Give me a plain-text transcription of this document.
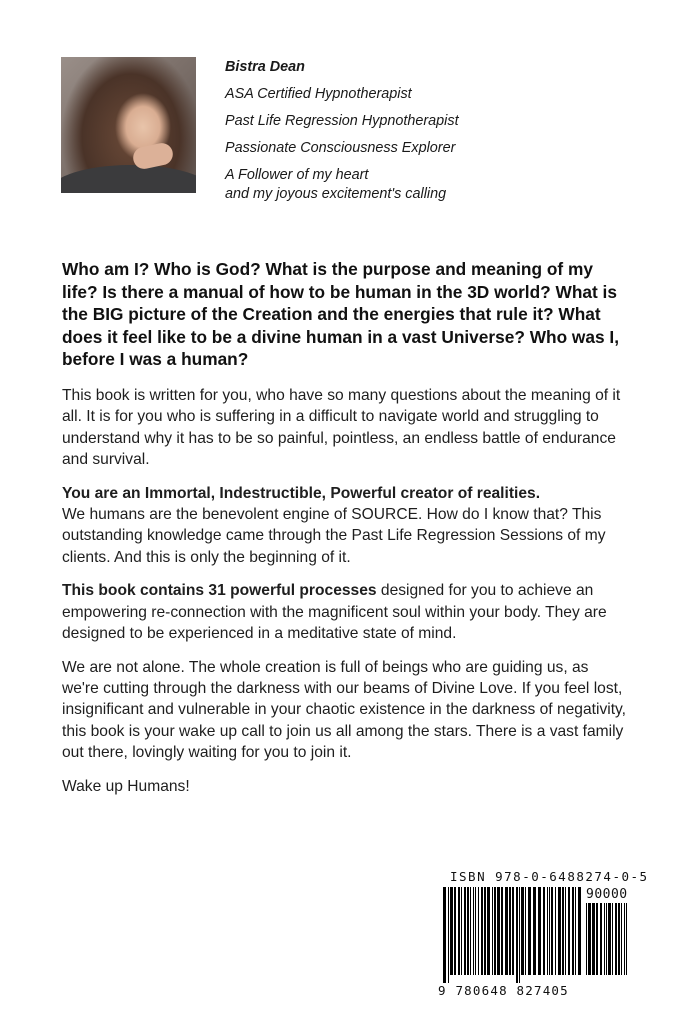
Bistra Dean
ASA Certified Hypnotherapist
Past Life Regression Hypnotherapist
Passionate Consciousness Explorer
A Follower of my heart
and my joyous excitement's calling

Who am I? Who is God? What is the purpose and meaning of my life? Is there a manual of how to be human in the 3D world? What is the BIG picture of the Creation and the energies that rule it? What does it feel like to be a divine human in a vast Universe? Who was I, before I was a human?

This book is written for you, who have so many questions about the meaning of it all. It is for you who is suffering in a difficult to navigate world and struggling to understand why it has to be so painful, pointless, an endless battle of endurance and survival.

You are an Immortal, Indestructible, Powerful creator of realities.
We humans are the benevolent engine of SOURCE. How do I know that? This outstanding knowledge came through the Past Life Regression Sessions of my clients. And this is only the beginning of it.

This book contains 31 powerful processes designed for you to achieve an empowering re-connection with the magnificent soul within your body. They are designed to be experienced in a meditative state of mind.

We are not alone. The whole creation is full of beings who are guiding us, as we're cutting through the darkness with our beams of Divine Love. If you feel lost, insignificant and vulnerable in your chaotic existence in the darkness of negativity, this book is your wake up call to join us all among the stars. There is a vast family out there, lovingly waiting for you to join it.

Wake up Humans!

ISBN 978-0-6488274-0-5
90000
9 780648 827405
